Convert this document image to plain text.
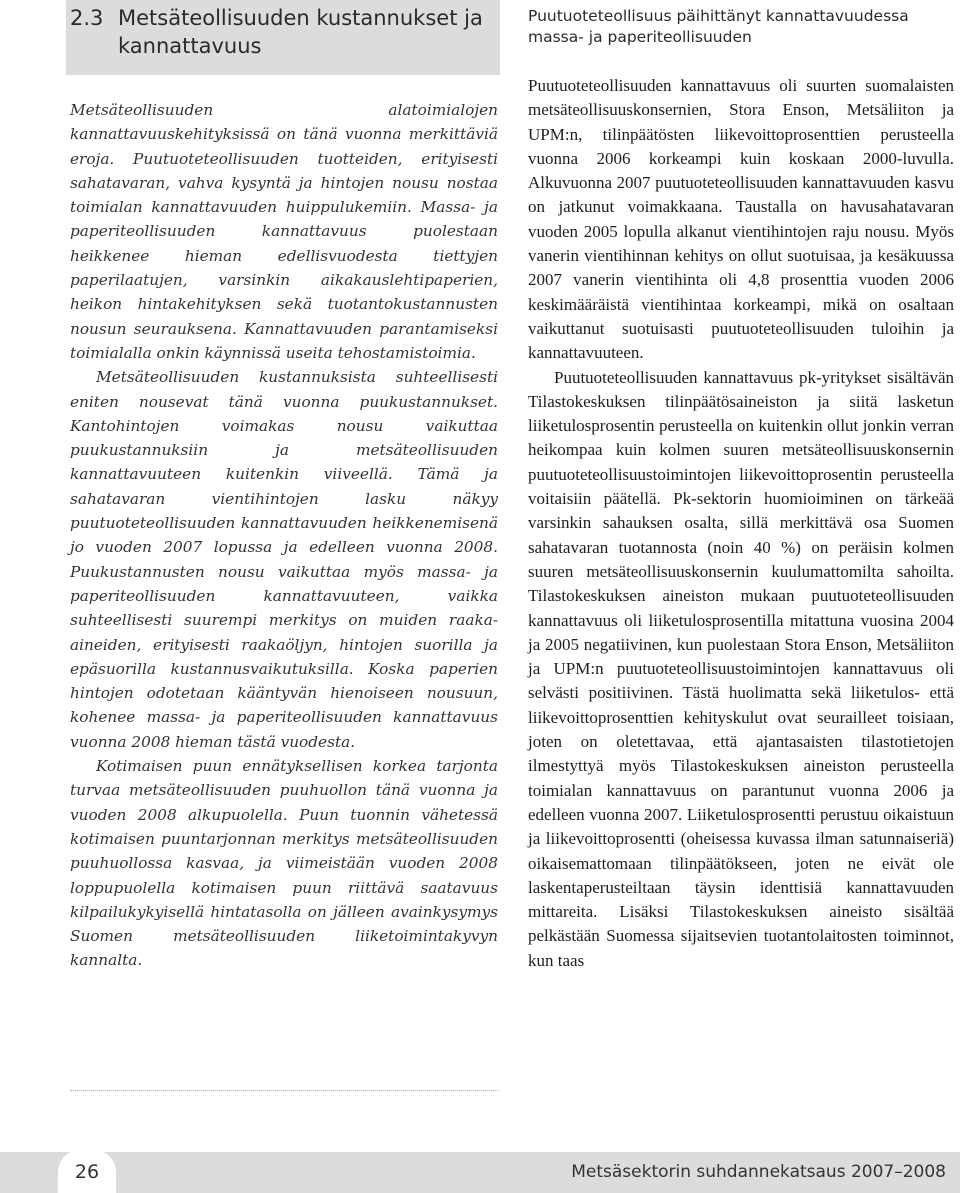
2.3 Metsäteollisuuden kustannukset ja
kannattavuus
Puutuoteteollisuus päihittänyt kannattavuudessa
massa- ja paperiteollisuuden

Metsäteollisuuden alatoimialojen kannattavuuskehityksissä on tänä vuonna merkittäviä eroja. Puutuoteteollisuuden tuotteiden, erityisesti sahatavaran, vahva kysyntä ja hintojen nousu nostaa toimialan kannattavuuden huippulukemiin. Massa- ja paperiteollisuuden kannattavuus puolestaan heikkenee hieman edellisvuodesta tiettyjen paperilaatujen, varsinkin aikakauslehtipaperien, heikon hintakehityksen sekä tuotantokustannusten nousun seurauksena. Kannattavuuden parantamiseksi toimialalla onkin käynnissä useita tehostamistoimia.

Metsäteollisuuden kustannuksista suhteellisesti eniten nousevat tänä vuonna puukustannukset. Kantohintojen voimakas nousu vaikuttaa puukustannuksiin ja metsäteollisuuden kannattavuuteen kuitenkin viiveellä. Tämä ja sahatavaran vientihintojen lasku näkyy puutuoteteollisuuden kannattavuuden heikkenemisenä jo vuoden 2007 lopussa ja edelleen vuonna 2008. Puukustannusten nousu vaikuttaa myös massa- ja paperiteollisuuden kannattavuuteen, vaikka suhteellisesti suurempi merkitys on muiden raaka-aineiden, erityisesti raakaöljyn, hintojen suorilla ja epäsuorilla kustannusvaikutuksilla. Koska paperien hintojen odotetaan kääntyvän hienoiseen nousuun, kohenee massa- ja paperiteollisuuden kannattavuus vuonna 2008 hieman tästä vuodesta.

Kotimaisen puun ennätyksellisen korkea tarjonta turvaa metsäteollisuuden puuhuollon tänä vuonna ja vuoden 2008 alkupuolella. Puun tuonnin vähetessä kotimaisen puuntarjonnan merkitys metsäteollisuuden puuhuollossa kasvaa, ja viimeistään vuoden 2008 loppupuolella kotimaisen puun riittävä saatavuus kilpailukykyisellä hintatasolla on jälleen avainkysymys Suomen metsäteollisuuden liiketoimintakyvyn kannalta.

Puutuoteteollisuuden kannattavuus oli suurten suomalaisten metsäteollisuuskonsernien, Stora Enson, Metsäliiton ja UPM:n, tilinpäätösten liikevoittoprosenttien perusteella vuonna 2006 korkeampi kuin koskaan 2000-luvulla. Alkuvuonna 2007 puutuoteteollisuuden kannattavuuden kasvu on jatkunut voimakkaana. Taustalla on havusahatavaran vuoden 2005 lopulla alkanut vientihintojen raju nousu. Myös vanerin vientihinnan kehitys on ollut suotuisaa, ja kesäkuussa 2007 vanerin vientihinta oli 4,8 prosenttia vuoden 2006 keskimääräistä vientihintaa korkeampi, mikä on osaltaan vaikuttanut suotuisasti puutuoteteollisuuden tuloihin ja kannattavuuteen.

Puutuoteteollisuuden kannattavuus pk-yritykset sisältävän Tilastokeskuksen tilinpäätösaineiston ja siitä lasketun liiketulosprosentin perusteella on kuitenkin ollut jonkin verran heikompaa kuin kolmen suuren metsäteollisuuskonsernin puutuoteteollisuustoimintojen liikevoittoprosentin perusteella voitaisiin päätellä. Pk-sektorin huomioiminen on tärkeää varsinkin sahauksen osalta, sillä merkittävä osa Suomen sahatavaran tuotannosta (noin 40 %) on peräisin kolmen suuren metsäteollisuuskonsernin kuulumattomilta sahoilta. Tilastokeskuksen aineiston mukaan puutuoteteollisuuden kannattavuus oli liiketulosprosentilla mitattuna vuosina 2004 ja 2005 negatiivinen, kun puolestaan Stora Enson, Metsäliiton ja UPM:n puutuoteteollisuustoimintojen kannattavuus oli selvästi positiivinen. Tästä huolimatta sekä liiketulos- että liikevoittoprosenttien kehityskulut ovat seurailleet toisiaan, joten on oletettavaa, että ajantasaisten tilastotietojen ilmestyttyä myös Tilastokeskuksen aineiston perusteella toimialan kannattavuus on parantunut vuonna 2006 ja edelleen vuonna 2007. Liiketulosprosentti perustuu oikaistuun ja liikevoittoprosentti (oheisessa kuvassa ilman satunnaiseriä) oikaisemattomaan tilinpäätökseen, joten ne eivät ole laskentaperusteiltaan täysin identtisiä kannattavuuden mittareita. Lisäksi Tilastokeskuksen aineisto sisältää pelkästään Suomessa sijaitsevien tuotantolaitosten toiminnot, kun taas

26	Metsäsektorin suhdannekatsaus 2007–2008
